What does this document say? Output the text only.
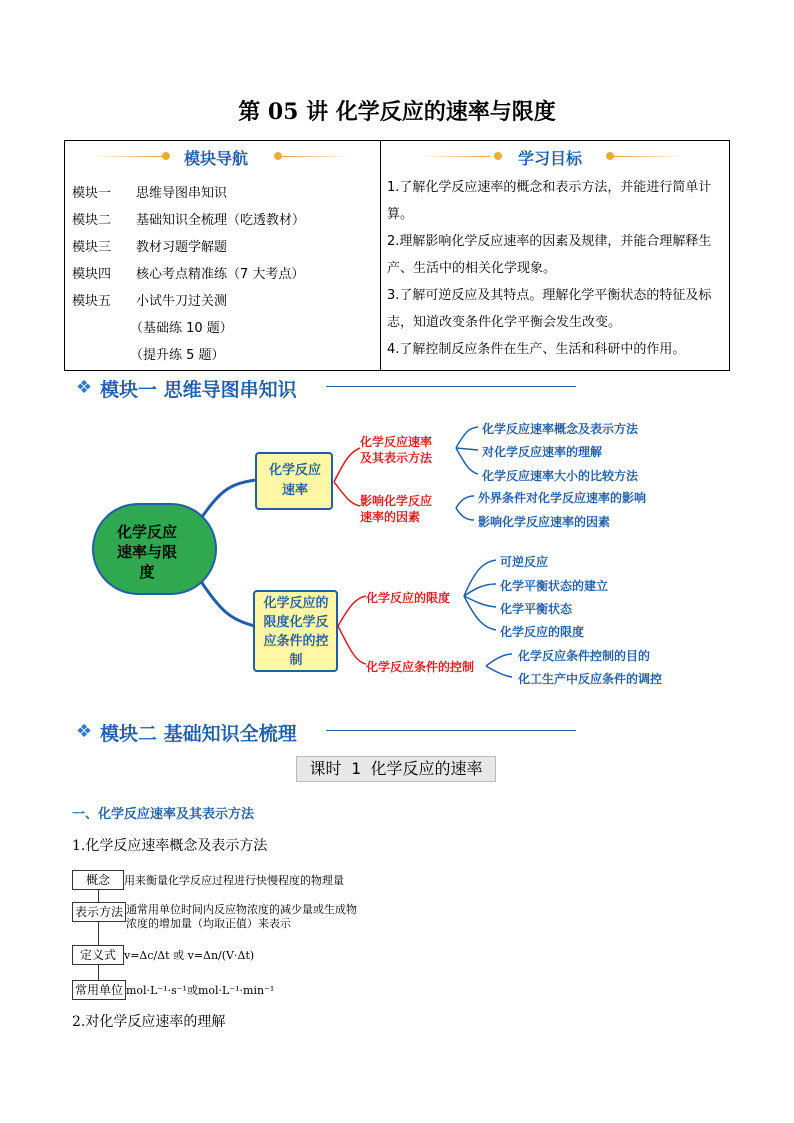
第 05 讲 化学反应的速率与限度
模块导航	学习目标
模块一 思维导图串知识
模块二 基础知识全梳理（吃透教材）
模块三 教材习题学解题
模块四 核心考点精准练（7 大考点）
模块五 小试牛刀过关测
（基础练 10 题）
（提升练 5 题）
1.了解化学反应速率的概念和表示方法，并能进行简单计算。
2.理解影响化学反应速率的因素及规律，并能合理解释生产、生活中的相关化学现象。
3.了解可逆反应及其特点。理解化学平衡状态的特征及标志，知道改变条件化学平衡会发生改变。
4.了解控制反应条件在生产、生活和科研中的作用。
❖ 模块一 思维导图串知识
化学反应速率与限度
化学反应速率
化学反应的限度化学反应条件的控制
化学反应速率及其表示方法
影响化学反应速率的因素
化学反应的限度
化学反应条件的控制
化学反应速率概念及表示方法
对化学反应速率的理解
化学反应速率大小的比较方法
外界条件对化学反应速率的影响
影响化学反应速率的因素
可逆反应
化学平衡状态的建立
化学平衡状态
化学反应的限度
化学反应条件控制的目的
化工生产中反应条件的调控
❖ 模块二 基础知识全梳理
课时 1 化学反应的速率
一、化学反应速率及其表示方法
1.化学反应速率概念及表示方法
概念
表示方法
定义式
常用单位
用来衡量化学反应过程进行快慢程度的物理量
通常用单位时间内反应物浓度的减少量或生成物浓度的增加量（均取正值）来表示
v=Δc/Δt 或 v=Δn/(V·Δt)
mol·L⁻¹·s⁻¹或mol·L⁻¹·min⁻¹
2.对化学反应速率的理解
